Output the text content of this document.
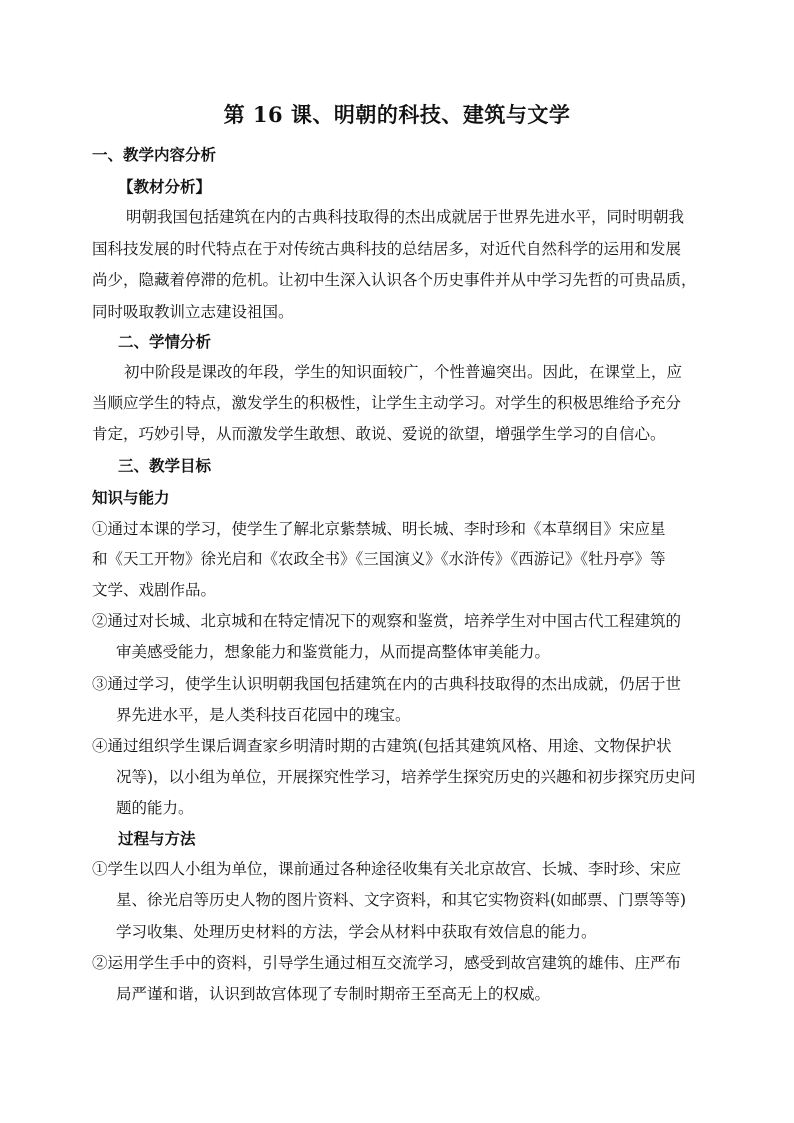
第 16 课、明朝的科技、建筑与文学
一、教学内容分析
【教材分析】
明朝我国包括建筑在内的古典科技取得的杰出成就居于世界先进水平，同时明朝我
国科技发展的时代特点在于对传统古典科技的总结居多，对近代自然科学的运用和发展
尚少，隐藏着停滞的危机。让初中生深入认识各个历史事件并从中学习先哲的可贵品质，
同时吸取教训立志建设祖国。
二、学情分析
初中阶段是课改的年段，学生的知识面较广，个性普遍突出。因此，在课堂上，应
当顺应学生的特点，激发学生的积极性，让学生主动学习。对学生的积极思维给予充分
肯定，巧妙引导，从而激发学生敢想、敢说、爱说的欲望，增强学生学习的自信心。
三、教学目标
知识与能力
①通过本课的学习，使学生了解北京紫禁城、明长城、李时珍和《本草纲目》宋应星
和《天工开物》徐光启和《农政全书》《三国演义》《水浒传》《西游记》《牡丹亭》等
文学、戏剧作品。
②通过对长城、北京城和在特定情况下的观察和鉴赏，培养学生对中国古代工程建筑的
审美感受能力，想象能力和鉴赏能力，从而提高整体审美能力。
③通过学习，使学生认识明朝我国包括建筑在内的古典科技取得的杰出成就，仍居于世
界先进水平，是人类科技百花园中的瑰宝。
④通过组织学生课后调查家乡明清时期的古建筑(包括其建筑风格、用途、文物保护状
况等)，以小组为单位，开展探究性学习，培养学生探究历史的兴趣和初步探究历史问
题的能力。
过程与方法
①学生以四人小组为单位，课前通过各种途径收集有关北京故宫、长城、李时珍、宋应
星、徐光启等历史人物的图片资料、文字资料，和其它实物资料(如邮票、门票等等)
学习收集、处理历史材料的方法，学会从材料中获取有效信息的能力。
②运用学生手中的资料，引导学生通过相互交流学习，感受到故宫建筑的雄伟、庄严布
局严谨和谐，认识到故宫体现了专制时期帝王至高无上的权威。
